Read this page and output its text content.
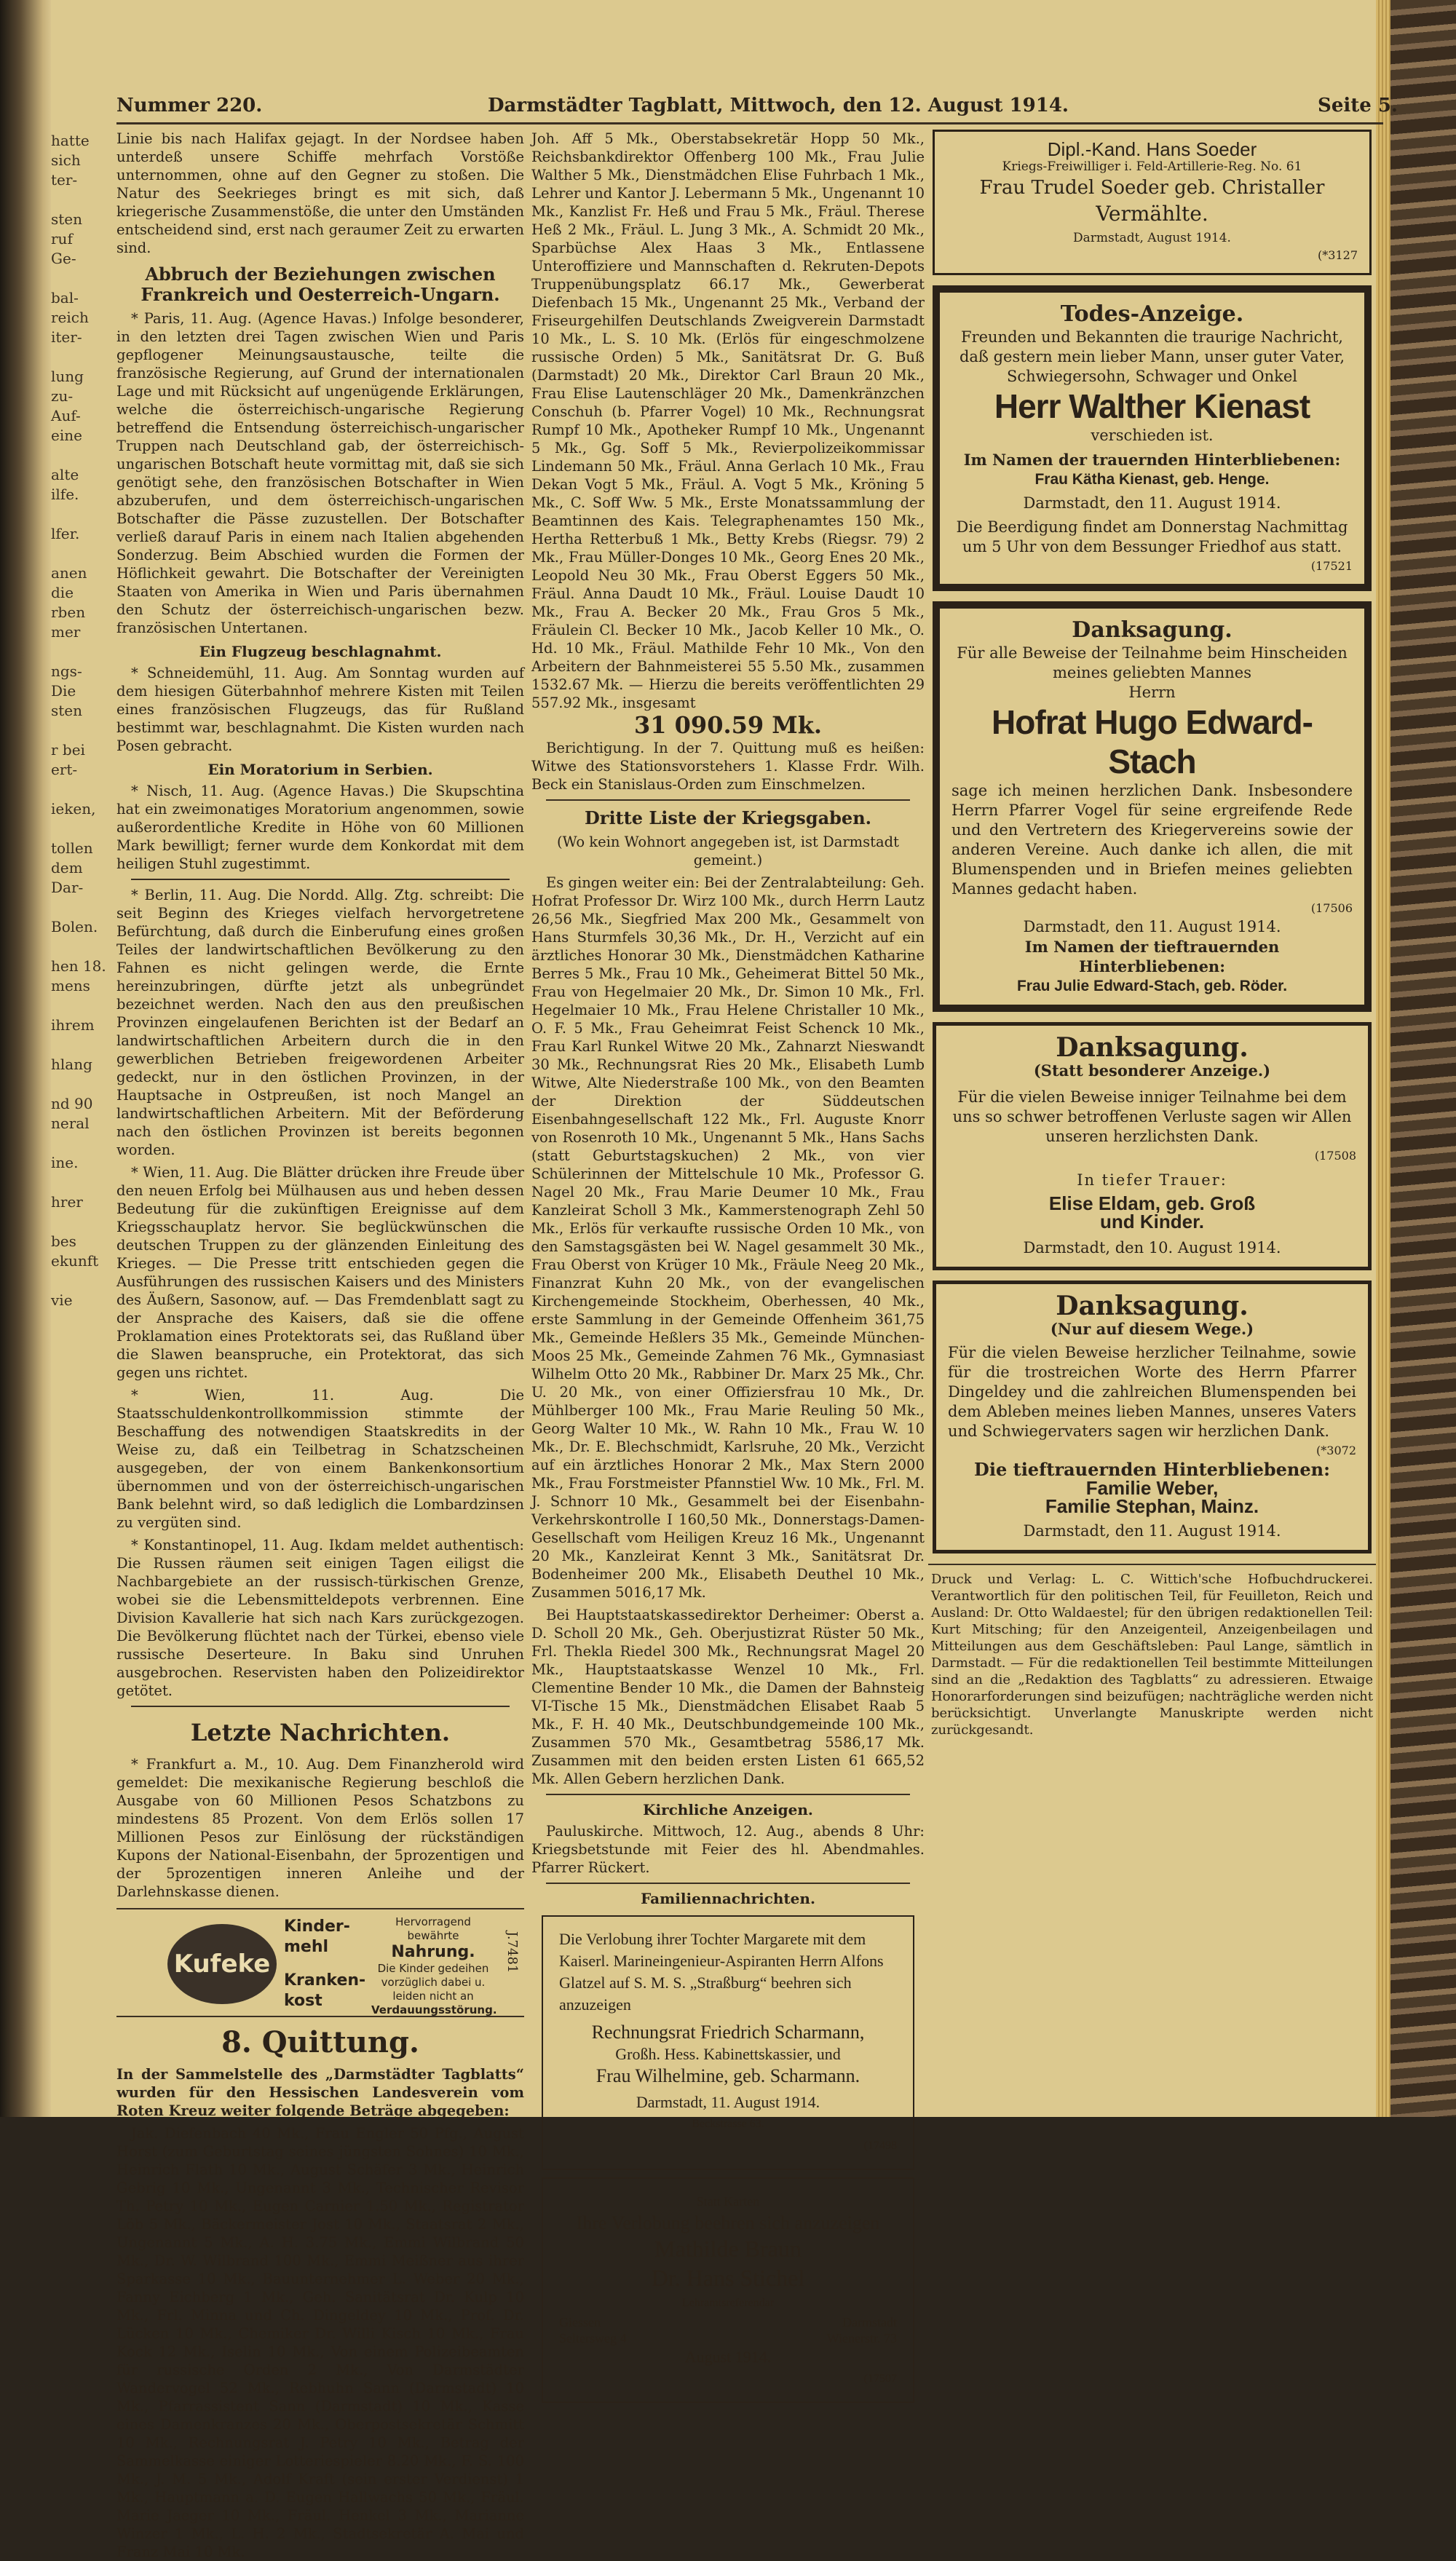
hatte
sich
ter-

sten
ruf
Ge-

bal-
reich
iter-

lung
zu-
Auf-
eine

alte
ilfe.

lfer.

anen
die
rben
mer

ngs-
Die
sten

r bei
ert-

ieken,

tollen
dem
Dar-

Bolen.

hen 18.
mens

ihrem

hlang

nd 90
neral

ine.

hrer

bes
ekunft

vie
Nummer 220.	Darmstädter Tagblatt, Mittwoch, den 12. August 1914.	Seite 5.

Linie bis nach Halifax gejagt. In der Nordsee haben unterdeß unsere Schiffe mehrfach Vorstöße unternommen, ohne auf den Gegner zu stoßen. Die Natur des Seekrieges bringt es mit sich, daß kriegerische Zusammenstöße, die unter den Umständen entscheidend sind, erst nach geraumer Zeit zu erwarten sind.

Abbruch der Beziehungen zwischen Frankreich und Oesterreich-Ungarn.

* Paris, 11. Aug. (Agence Havas.) Infolge besonderer, in den letzten drei Tagen zwischen Wien und Paris gepflogener Meinungsaustausche, teilte die französische Regierung, auf Grund der internationalen Lage und mit Rücksicht auf ungenügende Erklärungen, welche die österreichisch-ungarische Regierung betreffend die Entsendung österreichisch-ungarischer Truppen nach Deutschland gab, der österreichisch-ungarischen Botschaft heute vormittag mit, daß sie sich genötigt sehe, den französischen Botschafter in Wien abzuberufen, und dem österreichisch-ungarischen Botschafter die Pässe zuzustellen. Der Botschafter verließ darauf Paris in einem nach Italien abgehenden Sonderzug. Beim Abschied wurden die Formen der Höflichkeit gewahrt. Die Botschafter der Vereinigten Staaten von Amerika in Wien und Paris übernahmen den Schutz der österreichisch-ungarischen bezw. französischen Untertanen.

Ein Flugzeug beschlagnahmt.

* Schneidemühl, 11. Aug. Am Sonntag wurden auf dem hiesigen Güterbahnhof mehrere Kisten mit Teilen eines französischen Flugzeugs, das für Rußland bestimmt war, beschlagnahmt. Die Kisten wurden nach Posen gebracht.

Ein Moratorium in Serbien.

* Nisch, 11. Aug. (Agence Havas.) Die Skupschtina hat ein zweimonatiges Moratorium angenommen, sowie außerordentliche Kredite in Höhe von 60 Millionen Mark bewilligt; ferner wurde dem Konkordat mit dem heiligen Stuhl zugestimmt.

* Berlin, 11. Aug. Die Nordd. Allg. Ztg. schreibt: Die seit Beginn des Krieges vielfach hervorgetretene Befürchtung, daß durch die Einberufung eines großen Teiles der landwirtschaftlichen Bevölkerung zu den Fahnen es nicht gelingen werde, die Ernte hereinzubringen, dürfte jetzt als unbegründet bezeichnet werden. Nach den aus den preußischen Provinzen eingelaufenen Berichten ist der Bedarf an landwirtschaftlichen Arbeitern durch die in den gewerblichen Betrieben freigewordenen Arbeiter gedeckt, nur in den östlichen Provinzen, in der Hauptsache in Ostpreußen, ist noch Mangel an landwirtschaftlichen Arbeitern. Mit der Beförderung nach den östlichen Provinzen ist bereits begonnen worden.

* Wien, 11. Aug. Die Blätter drücken ihre Freude über den neuen Erfolg bei Mülhausen aus und heben dessen Bedeutung für die zukünftigen Ereignisse auf dem Kriegsschauplatz hervor. Sie beglückwünschen die deutschen Truppen zu der glänzenden Einleitung des Krieges. — Die Presse tritt entschieden gegen die Ausführungen des russischen Kaisers und des Ministers des Äußern, Sasonow, auf. — Das Fremdenblatt sagt zu der Ansprache des Kaisers, daß sie die offene Proklamation eines Protektorats sei, das Rußland über die Slawen beanspruche, ein Protektorat, das sich gegen uns richtet.

* Wien, 11. Aug. Die Staatsschuldenkontrollkommission stimmte der Beschaffung des notwendigen Staatskredits in der Weise zu, daß ein Teilbetrag in Schatzscheinen ausgegeben, der von einem Bankenkonsortium übernommen und von der österreichisch-ungarischen Bank belehnt wird, so daß lediglich die Lombardzinsen zu vergüten sind.

* Konstantinopel, 11. Aug. Ikdam meldet authentisch: Die Russen räumen seit einigen Tagen eiligst die Nachbargebiete an der russisch-türkischen Grenze, wobei sie die Lebensmitteldepots verbrennen. Eine Division Kavallerie hat sich nach Kars zurückgezogen. Die Bevölkerung flüchtet nach der Türkei, ebenso viele russische Deserteure. In Baku sind Unruhen ausgebrochen. Reservisten haben den Polizeidirektor getötet.

Letzte Nachrichten.

* Frankfurt a. M., 10. Aug. Dem Finanzherold wird gemeldet: Die mexikanische Regierung beschloß die Ausgabe von 60 Millionen Pesos Schatzbons zu mindestens 85 Prozent. Von dem Erlös sollen 17 Millionen Pesos zur Einlösung der rückständigen Kupons der National-Eisenbahn, der 5prozentigen und der 5prozentigen inneren Anleihe und der Darlehnskasse dienen.

Kufeke
Kinder-
mehl
Kranken-
kost
Hervorragend bewährte
Nahrung.
Die Kinder gedeihen vorzüglich dabei u. leiden nicht an
Verdauungsstörung.
J.7481
8. Quittung.

In der Sammelstelle des „Darmstädter Tagblatts“ wurden für den Hessischen Landesverein vom Roten Kreuz weiter folgende Beträge abgegeben:

Jak. Diefenbach 40 Mk., Frau Engler 50 Pfg., August Horst (zum Geburtstag seines jüngsten Sohnes) 10 Mk., Heinrich Flath 10 Mk., August Schäfer 3 Mk., Heinrich Gebrig 10 Mk., Ungenannt 3 Mk., Technischer Revisor Th. Petry 10 Mk., Eugen Carnier 1.50 Mk., Registrator Löb 5 Mk., Bäckermeister Jost 10 Mk., Staatsrat 2 Mk., Ungenannt 5 Mk., A. H. 3.75 Mk., Emmi Wilbrand 50 Mk., Dr. W. Wilbrand 100 Mk., Emmi Meißner aus ihrer Sparkasse 10 Mk., Bauunternehmer L. Weber 20 Mk., Fanny Eichberg 1 Mk., Geh. Sanitätsrat Dr. Kulp 10 Mk., Frl. Minna und Ch. Dingeldey 10 Mk., Prof. Dr. Lücken 10 Mk., Chemiker Dr. Willi Kisch 10 Mk., Frau Kock 12 Mk., Iselin 10 Mk., Von einem Polizeibeamten für russische Orden 2 Mk., Von Darmstädter Wandervogel 52 Mk., Rebhuhn Sann (Darmstadt) 10 Mk., Pfarrassistent Sann (Darmstadt) 10 Mk., Kasse eines Damenkranzes 20 Mk., Oberpostsekretär Schmitt 10 Mk., Rechnungsrat J. Petry 10 Mk., Betrag der Sammelkasse einiger Lotteriespieler 8.20 Mk., F. S. 100 Mk., J. M. 5 Mk., Adolf Kraft (sein erster Verdienst) 1 Mk., Hauptmann a. D. Eugen Hallwachs 50 Mk., Fräul. Marie Jaeger 10 Mk., Fräul. Henkel 3 Mk., Marianne Winzer 1 Mk., L. H. 2 Mk., Stadtsekretär A. Mai und Franz Mai 10 Mk.

Joh. Aff 5 Mk., Oberstabsekretär Hopp 50 Mk., Reichsbankdirektor Offenberg 100 Mk., Frau Julie Walther 5 Mk., Dienstmädchen Elise Fuhrbach 1 Mk., Lehrer und Kantor J. Lebermann 5 Mk., Ungenannt 10 Mk., Kanzlist Fr. Heß und Frau 5 Mk., Fräul. Therese Heß 2 Mk., Fräul. L. Jung 3 Mk., A. Schmidt 20 Mk., Sparbüchse Alex Haas 3 Mk., Entlassene Unteroffiziere und Mannschaften d. Rekruten-Depots Truppenübungsplatz 66.17 Mk., Gewerberat Diefenbach 15 Mk., Ungenannt 25 Mk., Verband der Friseurgehilfen Deutschlands Zweigverein Darmstadt 10 Mk., L. S. 10 Mk. (Erlös für eingeschmolzene russische Orden) 5 Mk., Sanitätsrat Dr. G. Buß (Darmstadt) 20 Mk., Direktor Carl Braun 20 Mk., Frau Elise Lautenschläger 20 Mk., Damenkränzchen Conschuh (b. Pfarrer Vogel) 10 Mk., Rechnungsrat Rumpf 10 Mk., Apotheker Rumpf 10 Mk., Ungenannt 5 Mk., Gg. Soff 5 Mk., Revierpolizeikommissar Lindemann 50 Mk., Fräul. Anna Gerlach 10 Mk., Frau Dekan Vogt 5 Mk., Fräul. A. Vogt 5 Mk., Kröning 5 Mk., C. Soff Ww. 5 Mk., Erste Monatssammlung der Beamtinnen des Kais. Telegraphenamtes 150 Mk., Hertha Retterbuß 1 Mk., Betty Krebs (Riegsr. 79) 2 Mk., Frau Müller-Donges 10 Mk., Georg Enes 20 Mk., Leopold Neu 30 Mk., Frau Oberst Eggers 50 Mk., Fräul. Anna Daudt 10 Mk., Fräul. Louise Daudt 10 Mk., Frau A. Becker 20 Mk., Frau Gros 5 Mk., Fräulein Cl. Becker 10 Mk., Jacob Keller 10 Mk., O. Hd. 10 Mk., Fräul. Mathilde Fehr 10 Mk., Von den Arbeitern der Bahnmeisterei 55 5.50 Mk., zusammen 1532.67 Mk. — Hierzu die bereits veröffentlichten 29 557.92 Mk., insgesamt

31 090.59 Mk.

Berichtigung. In der 7. Quittung muß es heißen: Witwe des Stationsvorstehers 1. Klasse Frdr. Wilh. Beck ein Stanislaus-Orden zum Einschmelzen.

Dritte Liste der Kriegsgaben.

(Wo kein Wohnort angegeben ist, ist Darmstadt gemeint.)

Es gingen weiter ein: Bei der Zentralabteilung: Geh. Hofrat Professor Dr. Wirz 100 Mk., durch Herrn Lautz 26,56 Mk., Siegfried Max 200 Mk., Gesammelt von Hans Sturmfels 30,36 Mk., Dr. H., Verzicht auf ein ärztliches Honorar 30 Mk., Dienstmädchen Katharine Berres 5 Mk., Frau 10 Mk., Geheimerat Bittel 50 Mk., Frau von Hegelmaier 20 Mk., Dr. Simon 10 Mk., Frl. Hegelmaier 10 Mk., Frau Helene Christaller 10 Mk., O. F. 5 Mk., Frau Geheimrat Feist Schenck 10 Mk., Frau Karl Runkel Witwe 20 Mk., Zahnarzt Nieswandt 30 Mk., Rechnungsrat Ries 20 Mk., Elisabeth Lumb Witwe, Alte Niederstraße 100 Mk., von den Beamten der Direktion der Süddeutschen Eisenbahngesellschaft 122 Mk., Frl. Auguste Knorr von Rosenroth 10 Mk., Ungenannt 5 Mk., Hans Sachs (statt Geburtstagskuchen) 2 Mk., von vier Schülerinnen der Mittelschule 10 Mk., Professor G. Nagel 20 Mk., Frau Marie Deumer 10 Mk., Frau Kanzleirat Scholl 3 Mk., Kammerstenograph Zehl 50 Mk., Erlös für verkaufte russische Orden 10 Mk., von den Samstagsgästen bei W. Nagel gesammelt 30 Mk., Frau Oberst von Krüger 10 Mk., Fräule Neeg 20 Mk., Finanzrat Kuhn 20 Mk., von der evangelischen Kirchengemeinde Stockheim, Oberhessen, 40 Mk., erste Sammlung in der Gemeinde Offenheim 361,75 Mk., Gemeinde Heßlers 35 Mk., Gemeinde München-Moos 25 Mk., Gemeinde Zahmen 76 Mk., Gymnasiast Wilhelm Otto 20 Mk., Rabbiner Dr. Marx 25 Mk., Chr. U. 20 Mk., von einer Offiziersfrau 10 Mk., Dr. Mühlberger 100 Mk., Frau Marie Reuling 50 Mk., Georg Walter 10 Mk., W. Rahn 10 Mk., Frau W. 10 Mk., Dr. E. Blechschmidt, Karlsruhe, 20 Mk., Verzicht auf ein ärztliches Honorar 2 Mk., Max Stern 2000 Mk., Frau Forstmeister Pfannstiel Ww. 10 Mk., Frl. M. J. Schnorr 10 Mk., Gesammelt bei der Eisenbahn-Verkehrskontrolle I 160,50 Mk., Donnerstags-Damen-Gesellschaft vom Heiligen Kreuz 16 Mk., Ungenannt 20 Mk., Kanzleirat Kennt 3 Mk., Sanitätsrat Dr. Bodenheimer 200 Mk., Elisabeth Deuthel 10 Mk., Zusammen 5016,17 Mk.

Bei Hauptstaatskassedirektor Derheimer: Oberst a. D. Scholl 20 Mk., Geh. Oberjustizrat Rüster 50 Mk., Frl. Thekla Riedel 300 Mk., Rechnungsrat Magel 20 Mk., Hauptstaatskasse Wenzel 10 Mk., Frl. Clementine Bender 10 Mk., die Damen der Bahnsteig VI-Tische 15 Mk., Dienstmädchen Elisabet Raab 5 Mk., F. H. 40 Mk., Deutschbundgemeinde 100 Mk., Zusammen 570 Mk., Gesamtbetrag 5586,17 Mk. Zusammen mit den beiden ersten Listen 61 665,52 Mk. Allen Gebern herzlichen Dank.

Kirchliche Anzeigen.

Pauluskirche. Mittwoch, 12. Aug., abends 8 Uhr: Kriegsbetstunde mit Feier des hl. Abendmahles. Pfarrer Rückert.

Familiennachrichten.
Die Verlobung ihrer Tochter Margarete mit dem Kaiserl. Marineingenieur-Aspiranten Herrn Alfons Glatzel auf S. M. S. „Straßburg“ beehren sich anzuzeigen
Rechnungsrat Friedrich Scharmann,
Großh. Hess. Kabinettskassier, und
Frau Wilhelmine, geb. Scharmann.
Darmstadt, 11. August 1914.
Beckstrasse 63.
(17498
Statt Karten
Ihre Verlobung beehren sich anzuzeigen
Mathilde Braun
Dr. Hans Stichel
Lehramtsreferendar
Giessen	Darmstadt
Seltersweg 4	Wienerstr. 73
August 1914.
(17507
Dipl.-Kand. Hans Soeder
Kriegs-Freiwilliger i. Feld-Artillerie-Reg. No. 61
Frau Trudel Soeder geb. Christaller
Vermählte.
Darmstadt, August 1914.
(*3127
Todes-Anzeige.
Freunden und Bekannten die traurige Nachricht, daß gestern mein lieber Mann, unser guter Vater, Schwiegersohn, Schwager und Onkel
Herr Walther Kienast
verschieden ist.
Im Namen der trauernden Hinterbliebenen:
Frau Kätha Kienast, geb. Henge.
Darmstadt, den 11. August 1914.
Die Beerdigung findet am Donnerstag Nachmittag um 5 Uhr von dem Bessunger Friedhof aus statt.
(17521
Danksagung.
Für alle Beweise der Teilnahme beim Hinscheiden meines geliebten Mannes
Herrn
Hofrat Hugo Edward-Stach
sage ich meinen herzlichen Dank. Insbesondere Herrn Pfarrer Vogel für seine ergreifende Rede und den Vertretern des Kriegervereins sowie der anderen Vereine. Auch danke ich allen, die mit Blumenspenden und in Briefen meines geliebten Mannes gedacht haben.
(17506
Darmstadt, den 11. August 1914.
Im Namen der tieftrauernden Hinterbliebenen:
Frau Julie Edward-Stach, geb. Röder.
Danksagung.
(Statt besonderer Anzeige.)
Für die vielen Beweise inniger Teilnahme bei dem uns so schwer betroffenen Verluste sagen wir Allen unseren herzlichsten Dank.
(17508
In tiefer Trauer:
Elise Eldam, geb. Groß
und Kinder.
Darmstadt, den 10. August 1914.
Danksagung.
(Nur auf diesem Wege.)
Für die vielen Beweise herzlicher Teilnahme, sowie für die trostreichen Worte des Herrn Pfarrer Dingeldey und die zahlreichen Blumenspenden bei dem Ableben meines lieben Mannes, unseres Vaters und Schwiegervaters sagen wir herzlichen Dank.
(*3072
Die tieftrauernden Hinterbliebenen:
Familie Weber,
Familie Stephan, Mainz.
Darmstadt, den 11. August 1914.
Druck und Verlag: L. C. Wittich'sche Hofbuchdruckerei. Verantwortlich für den politischen Teil, für Feuilleton, Reich und Ausland: Dr. Otto Waldaestel; für den übrigen redaktionellen Teil: Kurt Mitsching; für den Anzeigenteil, Anzeigenbeilagen und Mitteilungen aus dem Geschäftsleben: Paul Lange, sämtlich in Darmstadt. — Für die redaktionellen Teil bestimmte Mitteilungen sind an die „Redaktion des Tagblatts“ zu adressieren. Etwaige Honorarforderungen sind beizufügen; nachträgliche werden nicht berücksichtigt. Unverlangte Manuskripte werden nicht zurückgesandt.
